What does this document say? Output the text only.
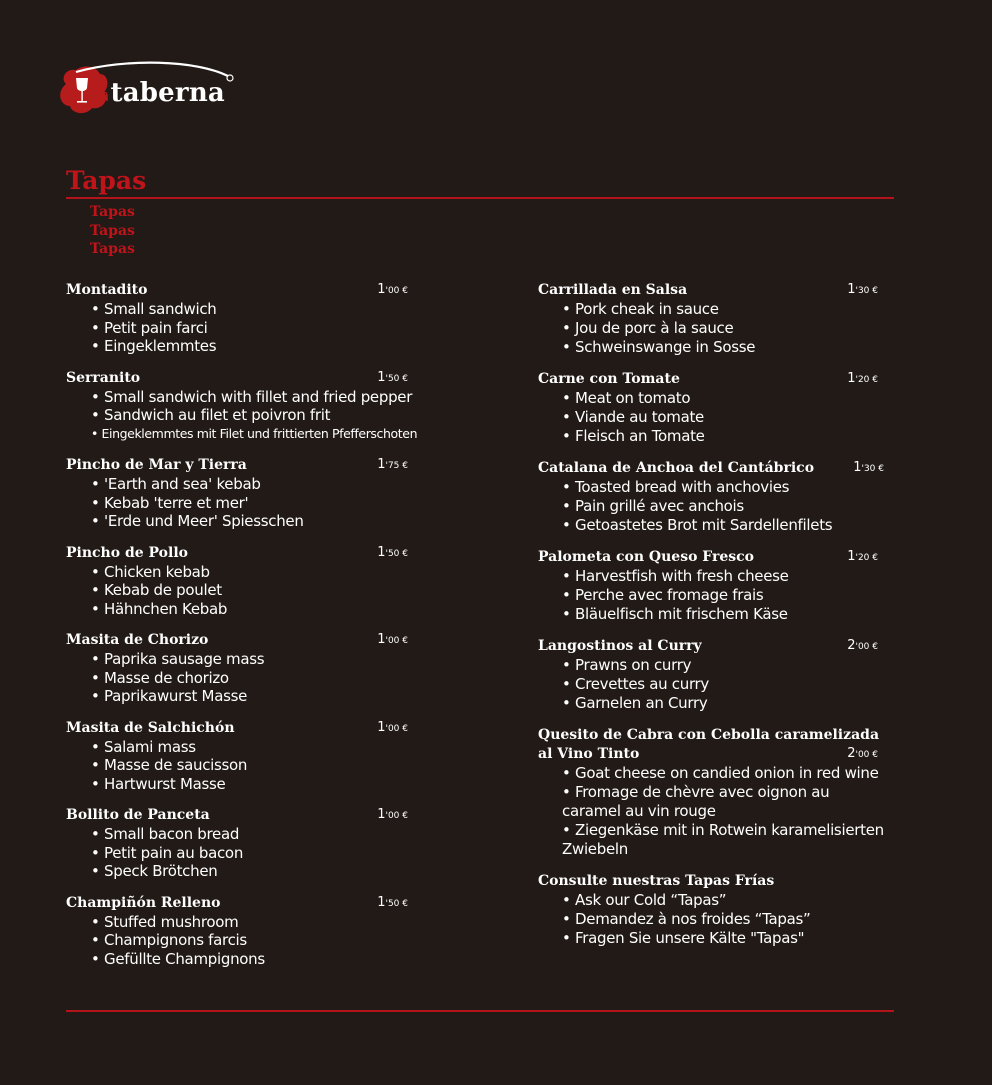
lataberna
Tapas
Tapas
Tapas
Tapas
Montadito	1'00 €
• Small sandwich
• Petit pain farci
• Eingeklemmtes
Serranito	1'50 €
• Small sandwich with fillet and fried pepper
• Sandwich au filet et poivron frit
• Eingeklemmtes mit Filet und frittierten Pfefferschoten
Pincho de Mar y Tierra	1'75 €
• 'Earth and sea' kebab
• Kebab 'terre et mer'
• 'Erde und Meer' Spiesschen
Pincho de Pollo	1'50 €
• Chicken kebab
• Kebab de poulet
• Hähnchen Kebab
Masita de Chorizo	1'00 €
• Paprika sausage mass
• Masse de chorizo
• Paprikawurst Masse
Masita de Salchichón	1'00 €
• Salami mass
• Masse de saucisson
• Hartwurst Masse
Bollito de Panceta	1'00 €
• Small bacon bread
• Petit pain au bacon
• Speck Brötchen
Champiñón Relleno	1'50 €
• Stuffed mushroom
• Champignons farcis
• Gefüllte Champignons
Carrillada en Salsa	1'30 €
• Pork cheak in sauce
• Jou de porc à la sauce
• Schweinswange in Sosse
Carne con Tomate	1'20 €
• Meat on tomato
• Viande au tomate
• Fleisch an Tomate
Catalana de Anchoa del Cantábrico	1'30 €
• Toasted bread with anchovies
• Pain grillé avec anchois
• Getoastetes Brot mit Sardellenfilets
Palometa con Queso Fresco	1'20 €
• Harvestfish with fresh cheese
• Perche avec fromage frais
• Bläuelfisch mit frischem Käse
Langostinos al Curry	2'00 €
• Prawns on curry
• Crevettes au curry
• Garnelen an Curry
Quesito de Cabra con Cebolla caramelizada al Vino Tinto	2'00 €
• Goat cheese on candied onion in red wine
• Fromage de chèvre avec oignon au caramel au vin rouge
• Ziegenkäse mit in Rotwein karamelisierten Zwiebeln
Consulte nuestras Tapas Frías
• Ask our Cold “Tapas”
• Demandez à nos froides “Tapas”
• Fragen Sie unsere Kälte "Tapas"
